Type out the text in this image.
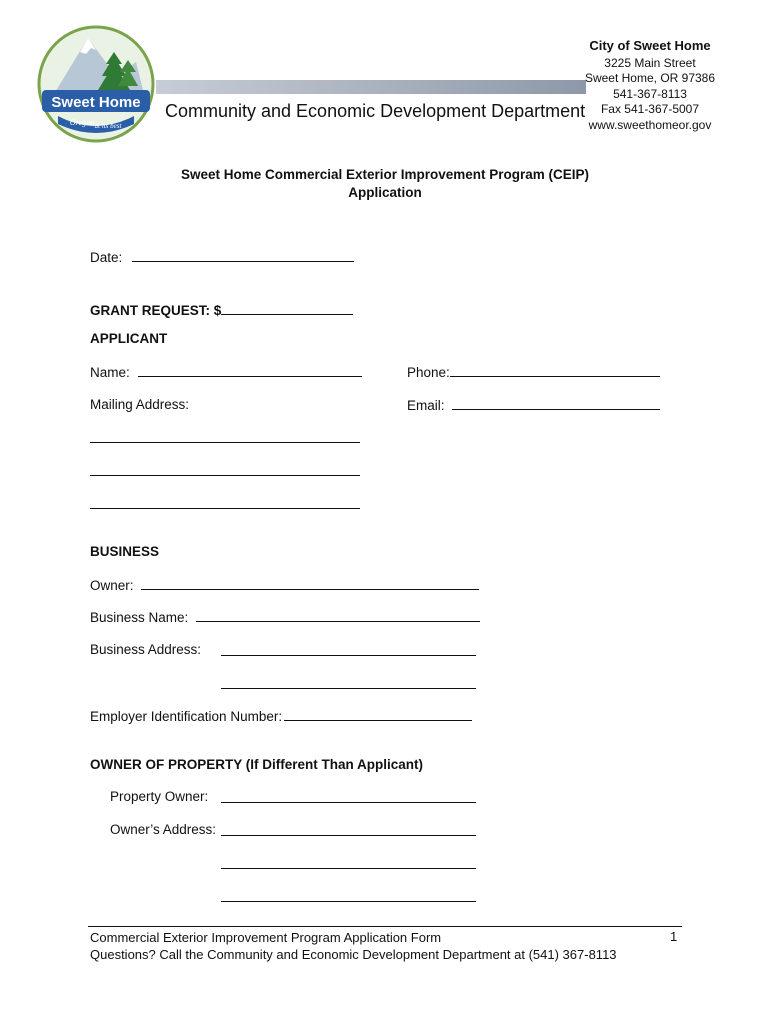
Sweet Home
Oregon at its best
Community and Economic Development Department
City of Sweet Home
3225 Main Street
Sweet Home, OR 97386
541-367-8113
Fax 541-367-5007
www.sweethomeor.gov
Sweet Home Commercial Exterior Improvement Program (CEIP)
Application
Date:
GRANT REQUEST: $
APPLICANT
Name:	Phone:
Mailing Address:	Email:
BUSINESS
Owner:
Business Name:
Business Address:
Employer Identification Number:
OWNER OF PROPERTY (If Different Than Applicant)
Property Owner:
Owner’s Address:
Commercial Exterior Improvement Program Application Form
Questions? Call the Community and Economic Development Department at (541) 367-8113
1
